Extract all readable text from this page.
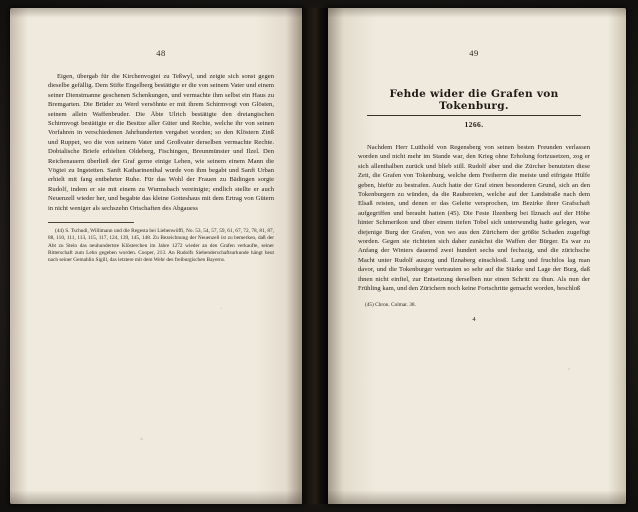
48

Eigen, übergab für die Kirchenvogtei zu Teßwyl, und zeigte sich sonst gegen dieselbe gefällig. Dem Stifte Engelberg bestätigte er die von seinem Vater und einem seiner Dienstmanne geschenen Schenkungen, und vermachte ihm selbst ein Haus zu Bremgarten. Die Brüder zu Werd versöhnte er mit ihrem Schirmvogt von Glösten, seinem allein Waffenbruder. Die Äbte Ulrich bestätigte den dreiangischen Schirmvogt bestätigte er die Besitze aller Güter und Rechte, welche ihr von seinen Vorfahren in verschiedenen Jahrhunderten vergabet worden; so den Klöstern Zinß und Ruppet, wo die von seinem Vater und Großvater derselben vermachte Rechte. Dobtalische Briefe erhielten Oldeberg, Fischingen, Breunmünster und Ilzel. Den Reichenauern überließ der Graf gerne einige Lehen, wie seinem einem Mann die Vögtei zu Ingstetten. Sanft Katharinenthal wurde von ihm begabt und Sanft Urban erhielt mit fang entbehrter Ruhe. Für das Wohl der Frauen zu Bädingen sorgte Rudolf, indem er sie mit einem zu Wurmsbach vereinigte; endlich stellte er auch Neuenzell wieder her, und begabte das kleine Gotteshaus mit dem Ertrag von Gütern in nicht weniger als sechszehn Ortschaften des Abgauess

(44) S. Tschudi, Willimann und die Regesta bei Liebenwöffi, No. 53, 54, 57, 59, 61, 67, 72, 78, 81, 87, 88, 110, 111, 113, 115, 117, 124, 139, 145, 148. Zu Bezeichnung der Neuenzell ist zu bemerken, daß der Abt zu Stein das neuhundertste Klösterchen im Jahre 1272 wieder an den Grafen verkaufte, seiner Ritterschaft zum Lehn gegeben worden. Cooper, 213. An Rudolfs Siebenderschaftsurkunde hängt heut nach seiner Gemahlin Sigill, das letztere mit dem Wehr des freiburgischen Bayerns.

49
Fehde wider die Grafen von Tokenburg.
1266.

Nachdem Herr Luithold von Regensberg von seinen besten Freunden verlassen worden und nicht mehr im Stande war, den Krieg ohne Erholung fortzusetzen, zog er sich allenthalben zurück und blieb still. Rudolf aber und die Zürcher benutzten diese Zeit, die Grafen von Tokenburg, welche dem Freiherrn die meiste und eifrigste Hülfe geben, hiefür zu bestrafen. Auch hatte der Graf einen besonderen Grund, sich an den Tokenburgern zu wünden, da die Raubereien, welche auf der Landstraße nach dem Elsaß reisten, und denen er das Geleite versprochen, im Bezirke ihrer Grafschaft aufgegriffen und beraubt hatten (45). Die Feste Ilzenberg bei Ilznach auf der Höhe hinter Schmerikon und über einem tiefen Tobel sich unterwundig hatte gelegen, war diejenige Burg der Grafen, von wo aus den Zürichern der größte Schaden zugefügt worden. Gegen sie richteten sich daher zunächst die Waffen der Bürger. Es war zu Anfang der Winters dauernd zwei hundert sechs und fechszig, und die zürichsche Macht unter Rudolf auszog und Ilznaberg einschlosß. Lang und fruchtlos lag man davor, und die Tokenburger vertrauten so sehr auf die Stärke und Lage der Burg, daß ihnen nicht einfiel, zur Entsetzung derselben nur einen Schritt zu thun. Als nun der Frühling kam, und den Zürichern noch keine Fortschritte gemacht worden, beschloß

(45) Chron. Colmar. 38.

4
